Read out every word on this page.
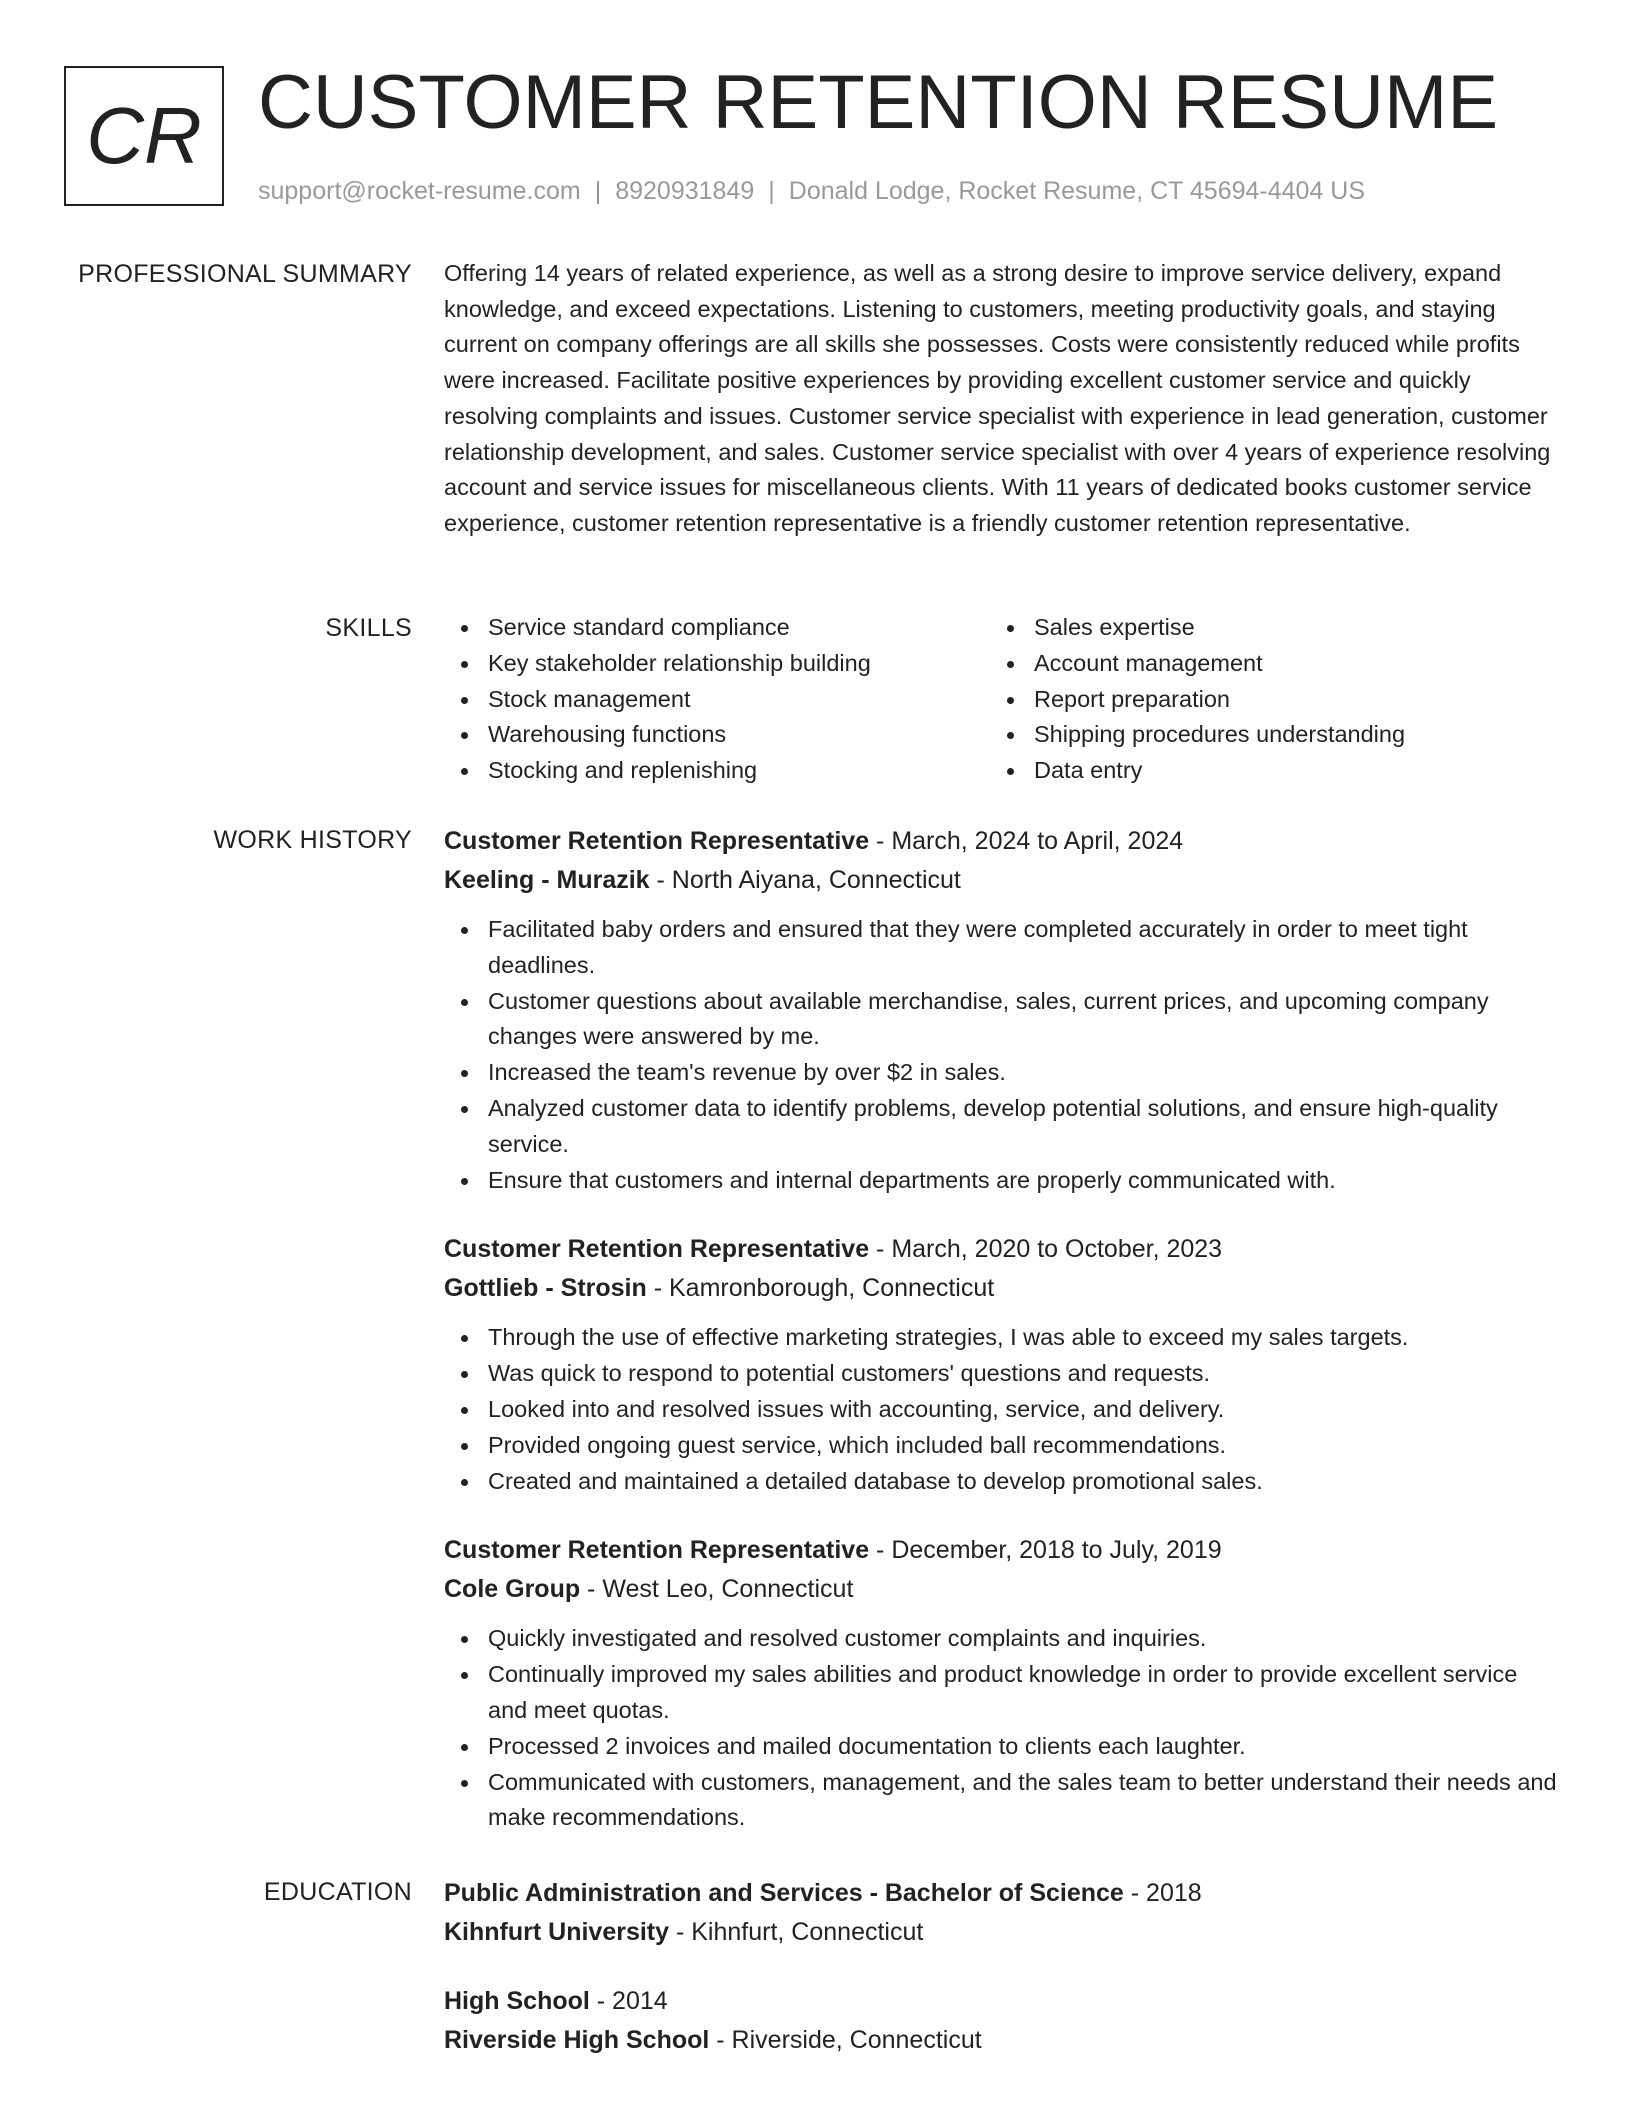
CR CUSTOMER RETENTION RESUME
support@rocket-resume.com | 8920931849 | Donald Lodge, Rocket Resume, CT 45694-4404 US
PROFESSIONAL SUMMARY Offering 14 years of related experience, as well as a strong desire to improve service delivery, expand knowledge, and exceed expectations. Listening to customers, meeting productivity goals, and staying current on company offerings are all skills she possesses. Costs were consistently reduced while profits were increased. Facilitate positive experiences by providing excellent customer service and quickly resolving complaints and issues. Customer service specialist with experience in lead generation, customer relationship development, and sales. Customer service specialist with over 4 years of experience resolving account and service issues for miscellaneous clients. With 11 years of dedicated books customer service experience, customer retention representative is a friendly customer retention representative.

SKILLS	Service standard compliance
Key stakeholder relationship building
Stock management
Warehousing functions
Stocking and replenishing
Sales expertise
Account management
Report preparation
Shipping procedures understanding
Data entry
WORK HISTORY Customer Retention Representative - March, 2024 to April, 2024
Keeling - Murazik - North Aiyana, Connecticut
Facilitated baby orders and ensured that they were completed accurately in order to meet tight deadlines.
Customer questions about available merchandise, sales, current prices, and upcoming company changes were answered by me.
Increased the team's revenue by over $2 in sales.
Analyzed customer data to identify problems, develop potential solutions, and ensure high-quality service.
Ensure that customers and internal departments are properly communicated with.
Customer Retention Representative - March, 2020 to October, 2023
Gottlieb - Strosin - Kamronborough, Connecticut
Through the use of effective marketing strategies, I was able to exceed my sales targets.
Was quick to respond to potential customers' questions and requests.
Looked into and resolved issues with accounting, service, and delivery.
Provided ongoing guest service, which included ball recommendations.
Created and maintained a detailed database to develop promotional sales.
Customer Retention Representative - December, 2018 to July, 2019
Cole Group - West Leo, Connecticut
Quickly investigated and resolved customer complaints and inquiries.
Continually improved my sales abilities and product knowledge in order to provide excellent service and meet quotas.
Processed 2 invoices and mailed documentation to clients each laughter.
Communicated with customers, management, and the sales team to better understand their needs and make recommendations.
EDUCATION Public Administration and Services - Bachelor of Science - 2018
Kihnfurt University - Kihnfurt, Connecticut
High School - 2014
Riverside High School - Riverside, Connecticut
